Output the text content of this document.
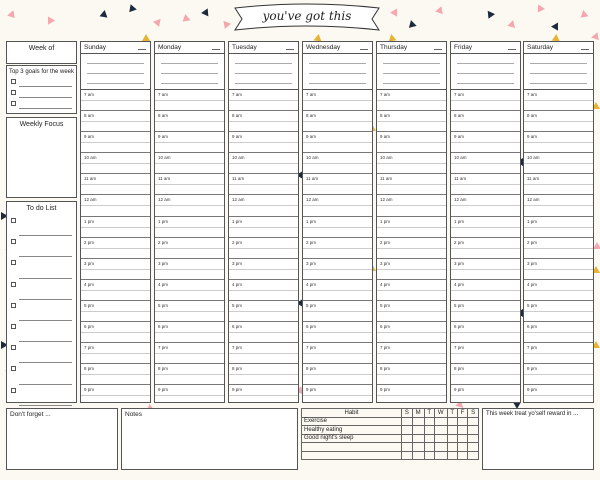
you've got this
Week of
Top 3 goals for the week
Weekly Focus
To do List
Sunday
7 am
8 am
9 am
10 am
11 am
12 am
1 pm
2 pm
3 pm
4 pm
5 pm
6 pm
7 pm
8 pm
9 pm
Monday
7 am
8 am
9 am
10 am
11 am
12 am
1 pm
2 pm
3 pm
4 pm
5 pm
6 pm
7 pm
8 pm
9 pm
Tuesday
7 am
8 am
9 am
10 am
11 am
12 am
1 pm
2 pm
3 pm
4 pm
5 pm
6 pm
7 pm
8 pm
9 pm
Wednesday
7 am
8 am
9 am
10 am
11 am
12 am
1 pm
2 pm
3 pm
4 pm
5 pm
6 pm
7 pm
8 pm
9 pm
Thursday
7 am
8 am
9 am
10 am
11 am
12 am
1 pm
2 pm
3 pm
4 pm
5 pm
6 pm
7 pm
8 pm
9 pm
Friday
7 am
8 am
9 am
10 am
11 am
12 am
1 pm
2 pm
3 pm
4 pm
5 pm
6 pm
7 pm
8 pm
9 pm
Saturday
7 am
8 am
9 am
10 am
11 am
12 am
1 pm
2 pm
3 pm
4 pm
5 pm
6 pm
7 pm
8 pm
9 pm
Don't forget ...	Notes	Habit	S	M	T	W	T	F	S
Exercise							
Healthy eating							
Good night's sleep							

This week treat yo'self reward in ...
